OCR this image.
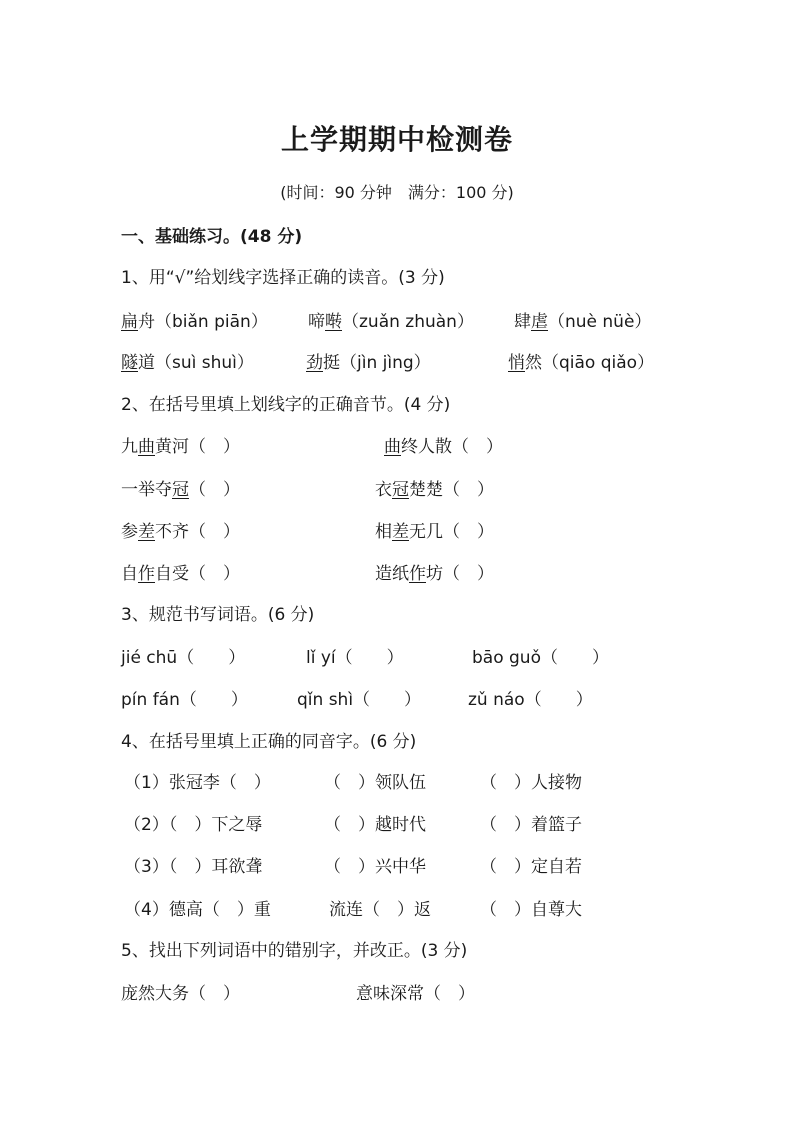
上学期期中检测卷
(时间：90 分钟　满分：100 分)
一、基础练习。(48 分)
1、用“√”给划线字选择正确的读音。(3 分)
扁舟（biǎn piān） 啼啭（zuǎn zhuàn） 肆虐（nuè nüè）
隧道（suì shuì）	劲挺（jìn jìng）	悄然（qiāo qiǎo）
2、在括号里填上划线字的正确音节。(4 分)
九曲黄河（　）	曲终人散（　）
一举夺冠（　）	衣冠楚楚（　）
参差不齐（　）	相差无几（　）
自作自受（　）	造纸作坊（　）
3、规范书写词语。(6 分)
jié chū（　　）	lǐ yí（　　）	bāo guǒ（　　）
pín fán（　　）	qǐn shì（　　）	zǔ náo（　　）
4、在括号里填上正确的同音字。(6 分)
（1）张冠李（　）	（　）领队伍	（　）人接物
（2）（　）下之辱	（　）越时代	（　）着篮子
（3）（　）耳欲聋	（　）兴中华	（　）定自若
（4）德高（　）重	流连（　）返	（　）自尊大
5、找出下列词语中的错别字，并改正。(3 分)
庞然大务（　）	意味深常（　）
